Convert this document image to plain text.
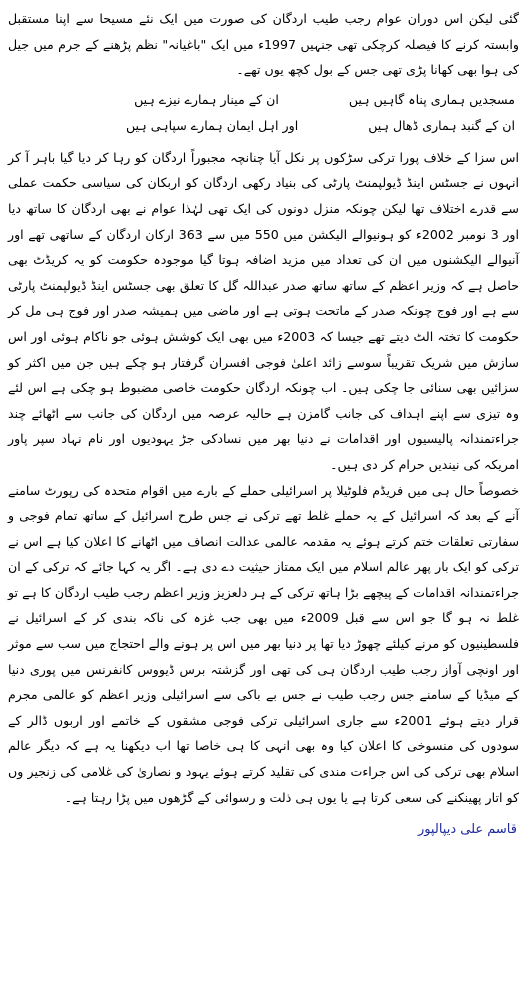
گئی لیکن اس دوران عوام رجب طیب اردگان کی صورت میں ایک نئے مسیحا سے اپنا مستقبل وابستہ کرنے کا فیصلہ کرچکی تھی جنہیں 1997ء میں ایک "باغیانہ" نظم پڑھنے کے جرم میں جیل کی ہوا بھی کھانا پڑی تھی جس کے بول کچھ یوں تھے۔

مسجدیں ہماری پناہ گاہیں ہیں
ان کے مینار ہمارے نیزے ہیں
ان کے گنبد ہماری ڈھال ہیں
اور اہل ایمان ہمارے سپاہی ہیں

اس سزا کے خلاف پورا ترکی سڑکوں پر نکل آیا چنانچہ مجبوراً اردگان کو رہا کر دیا گیا باہر آ کر انہوں نے جسٹس اینڈ ڈیولپمنٹ پارٹی کی بنیاد رکھی اردگان کو اربکان کی سیاسی حکمت عملی سے قدرے اختلاف تھا لیکن چونکہ منزل دونوں کی ایک تھی لہٰذا عوام نے بھی اردگان کا ساتھ دیا اور 3 نومبر 2002ء کو ہونیوالے الیکشن میں 550 میں سے 363 ارکان اردگان کے ساتھی تھے اور آنیوالے الیکشنوں میں ان کی تعداد میں مزید اضافہ ہوتا گیا موجودہ حکومت کو یہ کریڈٹ بھی حاصل ہے کہ وزیر اعظم کے ساتھ ساتھ صدر عبداللہ گل کا تعلق بھی جسٹس اینڈ ڈیولپمنٹ پارٹی سے ہے اور فوج چونکہ صدر کے ماتحت ہوتی ہے اور ماضی میں ہمیشہ صدر اور فوج ہی مل کر حکومت کا تختہ الٹ دیتے تھے جیسا کہ 2003ء میں بھی ایک کوشش ہوئی جو ناکام ہوئی اور اس سازش میں شریک تقریباً سوسے زائد اعلیٰ فوجی افسران گرفتار ہو چکے ہیں جن میں اکثر کو سزائیں بھی سنائی جا چکی ہیں۔ اب چونکہ اردگان حکومت خاصی مضبوط ہو چکی ہے اس لئے وہ تیزی سے اپنے اہداف کی جانب گامزن ہے حالیہ عرصہ میں اردگان کی جانب سے اٹھائے چند جراءتمندانہ پالیسیوں اور اقدامات نے دنیا بھر میں نسادکی جڑ یہودیوں اور نام نہاد سپر پاور امریکہ کی نیندیں حرام کر دی ہیں۔

خصوصاً حال ہی میں فریڈم فلوٹیلا پر اسرائیلی حملے کے بارے میں اقوام متحدہ کی رپورٹ سامنے آنے کے بعد کہ اسرائیل کے یہ حملے غلط تھے ترکی نے جس طرح اسرائیل کے ساتھ تمام فوجی و سفارتی تعلقات ختم کرتے ہوئے یہ مقدمہ عالمی عدالت انصاف میں اٹھانے کا اعلان کیا ہے اس نے ترکی کو ایک بار پھر عالم اسلام میں ایک ممتاز حیثیت دے دی ہے۔ اگر یہ کہا جائے کہ ترکی کے ان جراءتمندانہ اقدامات کے پیچھے بڑا ہاتھ ترکی کے ہر دلعزیز وزیر اعظم رجب طیب اردگان کا ہے تو غلط نہ ہو گا جو اس سے قبل 2009ء میں بھی جب غزہ کی ناکہ بندی کر کے اسرائیل نے فلسطینیوں کو مرنے کیلئے چھوڑ دیا تھا پر دنیا بھر میں اس پر ہونے والے احتجاج میں سب سے موثر اور اونچی آواز رجب طیب اردگان ہی کی تھی اور گزشتہ برس ڈیووس کانفرنس میں پوری دنیا کے میڈیا کے سامنے جس رجب طیب نے جس بے باکی سے اسرائیلی وزیر اعظم کو عالمی مجرم قرار دیتے ہوئے 2001ء سے جاری اسرائیلی ترکی فوجی مشقوں کے خاتمے اور اربوں ڈالر کے سودوں کی منسوخی کا اعلان کیا وہ بھی انہی کا ہی خاصا تھا اب دیکھنا یہ ہے کہ دیگر عالم اسلام بھی ترکی کی اس جراءت مندی کی تقلید کرتے ہوئے یہود و نصاریٰ کی غلامی کی زنجیر وں کو اتار پھینکنے کی سعی کرتا ہے یا یوں ہی ذلت و رسوائی کے گڑھوں میں پڑا رہتا ہے۔

قاسم علی دیپالپور
